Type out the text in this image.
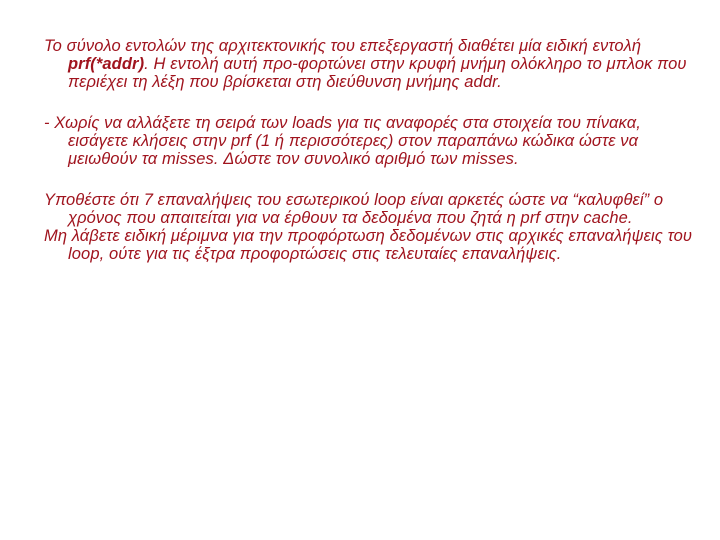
Το σύνολο εντολών της αρχιτεκτονικής του επεξεργαστή διαθέτει μία ειδική εντολή prf(*addr). Η εντολή αυτή προ-φορτώνει στην κρυφή μνήμη ολόκληρο το μπλοκ που περιέχει τη λέξη που βρίσκεται στη διεύθυνση μνήμης addr.

- Χωρίς να αλλάξετε τη σειρά των loads για τις αναφορές στα στοιχεία του πίνακα, εισάγετε κλήσεις στην prf (1 ή περισσότερες) στον παραπάνω κώδικα ώστε να μειωθούν τα misses. Δώστε τον συνολικό αριθμό των misses.

Υποθέστε ότι 7 επαναλήψεις του εσωτερικού loop είναι αρκετές ώστε να “καλυφθεί” ο χρόνος που απαιτείται για να έρθουν τα δεδομένα που ζητά η prf στην cache.

Μη λάβετε ειδική μέριμνα για την προφόρτωση δεδομένων στις αρχικές επαναλήψεις του loop, ούτε για τις έξτρα προφορτώσεις στις τελευταίες επαναλήψεις.
